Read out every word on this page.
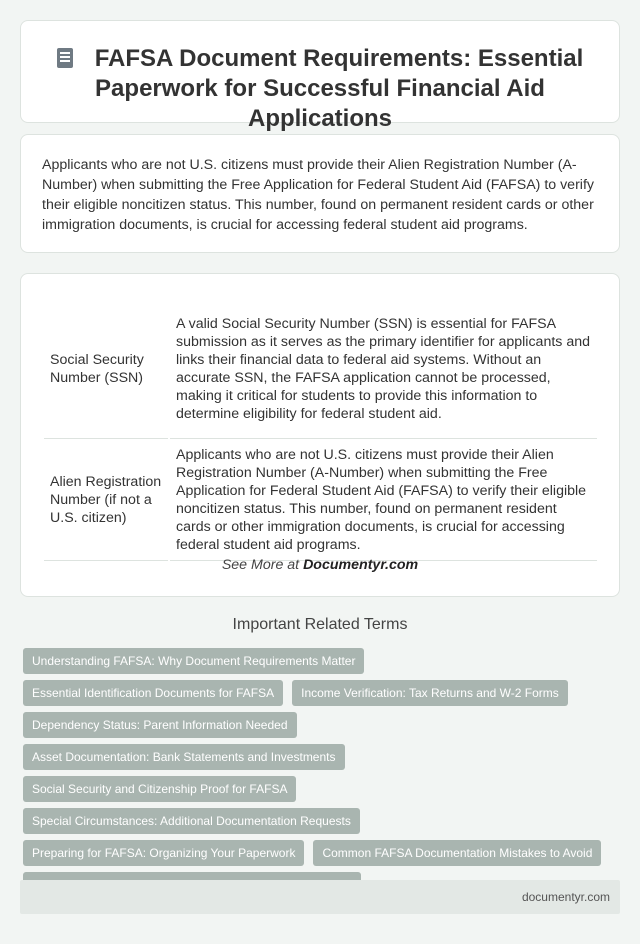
FAFSA Document Requirements: Essential Paperwork for Successful Financial Aid Applications

Applicants who are not U.S. citizens must provide their Alien Registration Number (A-Number) when submitting the Free Application for Federal Student Aid (FAFSA) to verify their eligible noncitizen status. This number, found on permanent resident cards or other immigration documents, is crucial for accessing federal student aid programs.

Social Security Number (SSN)	A valid Social Security Number (SSN) is essential for FAFSA submission as it serves as the primary identifier for applicants and links their financial data to federal aid systems. Without an accurate SSN, the FAFSA application cannot be processed, making it critical for students to provide this information to determine eligibility for federal student aid.
Alien Registration Number (if not a U.S. citizen)	Applicants who are not U.S. citizens must provide their Alien Registration Number (A-Number) when submitting the Free Application for Federal Student Aid (FAFSA) to verify their eligible noncitizen status. This number, found on permanent resident cards or other immigration documents, is crucial for accessing federal student aid programs.
See More at Documentyr.com
Important Related Terms
Understanding FAFSA: Why Document Requirements Matter
Essential Identification Documents for FAFSA	Income Verification: Tax Returns and W-2 Forms
Dependency Status: Parent Information Needed
Asset Documentation: Bank Statements and Investments
Social Security and Citizenship Proof for FAFSA
Special Circumstances: Additional Documentation Requests
Preparing for FAFSA: Organizing Your Paperwork	Common FAFSA Documentation Mistakes to Avoid
documentyr.com
